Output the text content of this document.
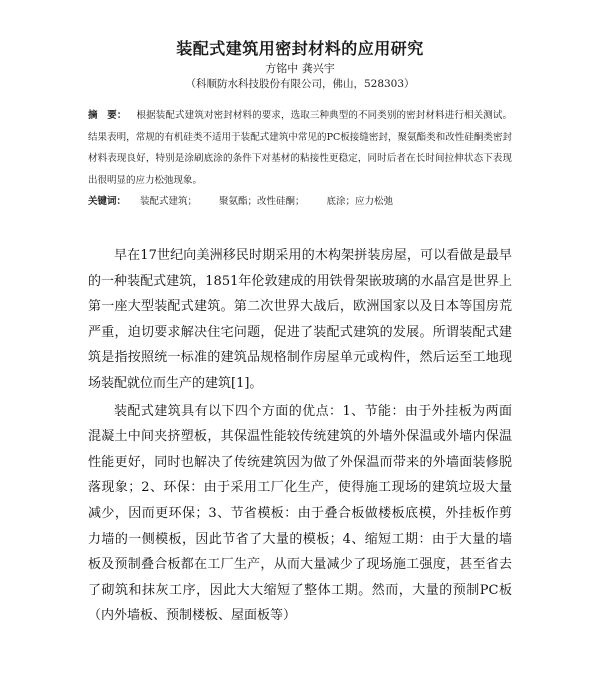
装配式建筑用密封材料的应用研究
方铭中 龚兴宇
（科顺防水科技股份有限公司，佛山，528303）
摘　要： 根据装配式建筑对密封材料的要求，选取三种典型的不同类别的密封材料进行相关测试。结果表明，常规的有机硅类不适用于装配式建筑中常见的PC板接缝密封，聚氨酯类和改性硅酮类密封材料表现良好，特别是涂刷底涂的条件下对基材的粘接性更稳定，同时后者在长时间拉伸状态下表现出很明显的应力松弛现象。
关键词： 装配式建筑； 聚氨酯；改性硅酮； 底涂；应力松弛

早在17世纪向美洲移民时期采用的木构架拼装房屋，可以看做是最早的一种装配式建筑，1851年伦敦建成的用铁骨架嵌玻璃的水晶宫是世界上第一座大型装配式建筑。第二次世界大战后，欧洲国家以及日本等国房荒严重，迫切要求解决住宅问题，促进了装配式建筑的发展。所谓装配式建筑是指按照统一标准的建筑品规格制作房屋单元或构件，然后运至工地现场装配就位而生产的建筑[1]。

装配式建筑具有以下四个方面的优点：1、节能：由于外挂板为两面混凝土中间夹挤塑板，其保温性能较传统建筑的外墙外保温或外墙内保温性能更好，同时也解决了传统建筑因为做了外保温而带来的外墙面装修脱落现象；2、环保：由于采用工厂化生产，使得施工现场的建筑垃圾大量减少，因而更环保；3、节省模板：由于叠合板做楼板底模，外挂板作剪力墙的一侧模板，因此节省了大量的模板；4、缩短工期：由于大量的墙板及预制叠合板都在工厂生产，从而大量减少了现场施工强度，甚至省去了砌筑和抹灰工序，因此大大缩短了整体工期。然而，大量的预制PC板（内外墙板、预制楼板、屋面板等）
